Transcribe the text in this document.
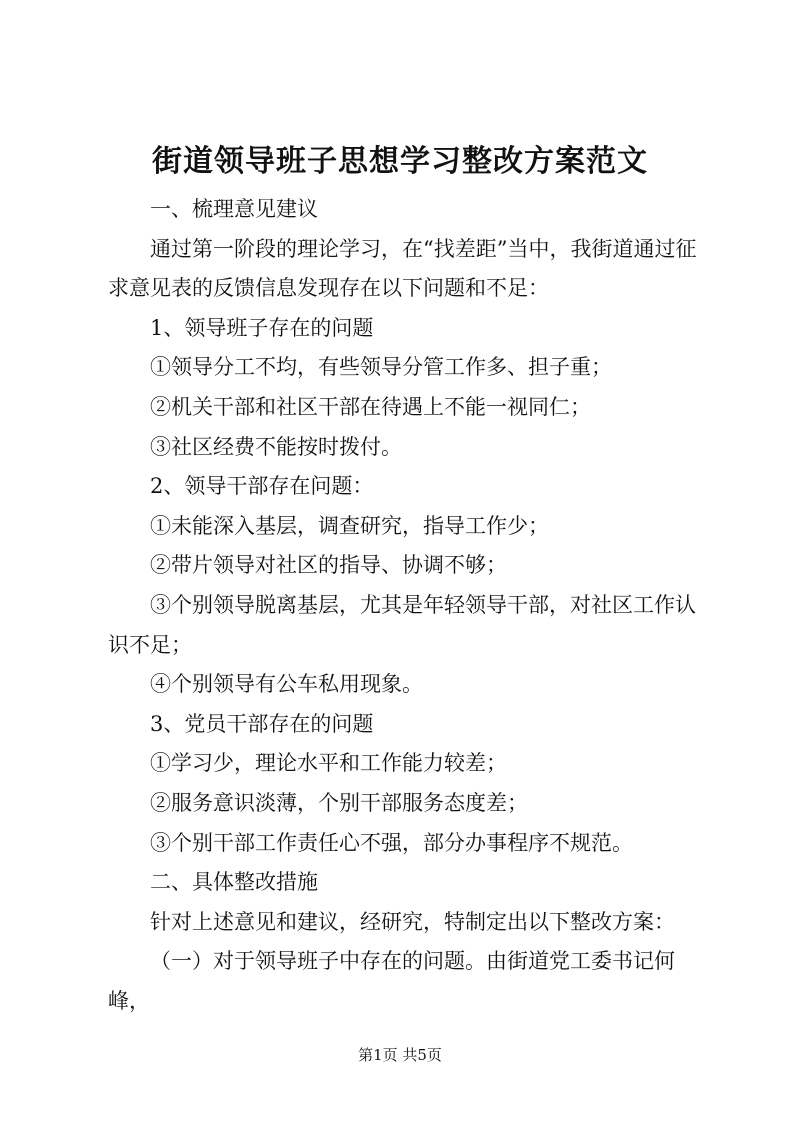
街道领导班子思想学习整改方案范文

一、梳理意见建议

通过第一阶段的理论学习，在“找差距”当中，我街道通过征求意见表的反馈信息发现存在以下问题和不足：

1、领导班子存在的问题

①领导分工不均，有些领导分管工作多、担子重；

②机关干部和社区干部在待遇上不能一视同仁；

③社区经费不能按时拨付。

2、领导干部存在问题：

①未能深入基层，调查研究，指导工作少；

②带片领导对社区的指导、协调不够；

③个别领导脱离基层，尤其是年轻领导干部，对社区工作认识不足；

④个别领导有公车私用现象。

3、党员干部存在的问题

①学习少，理论水平和工作能力较差；

②服务意识淡薄，个别干部服务态度差；

③个别干部工作责任心不强，部分办事程序不规范。

二、具体整改措施

针对上述意见和建议，经研究，特制定出以下整改方案：

（一）对于领导班子中存在的问题。由街道党工委书记何峰，

第1页 共5页
